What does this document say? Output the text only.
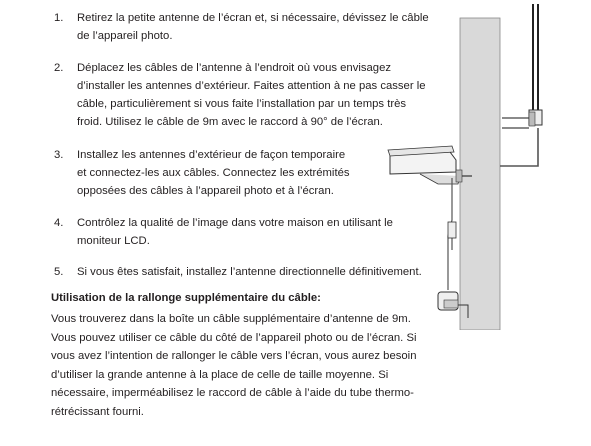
1. Retirez la petite antenne de l’écran et, si nécessaire, dévissez le câble
de l’appareil photo.
2. Déplacez les câbles de l’antenne à l’endroit où vous envisagez
d’installer les antennes d’extérieur. Faites attention à ne pas casser le
câble, particulièrement si vous faite l’installation par un temps très
froid. Utilisez le câble de 9m avec le raccord à 90° de l’écran.
3. Installez les antennes d’extérieur de façon temporaire
et connectez-les aux câbles. Connectez les extrémités
opposées des câbles à l’appareil photo et à l’écran.
4. Contrôlez la qualité de l’image dans votre maison en utilisant le
moniteur LCD.
5. Si vous êtes satisfait, installez l’antenne directionnelle définitivement.
Utilisation de la rallonge supplémentaire du câble:
Vous trouverez dans la boîte un câble supplémentaire d’antenne de 9m.
Vous pouvez utiliser ce câble du côté de l’appareil photo ou de l’écran. Si
vous avez l’intention de rallonger le câble vers l’écran, vous aurez besoin
d’utiliser la grande antenne à la place de celle de taille moyenne. Si
nécessaire, imperméabilisez le raccord de câble à l’aide du tube thermo-
rétrécissant fourni.
